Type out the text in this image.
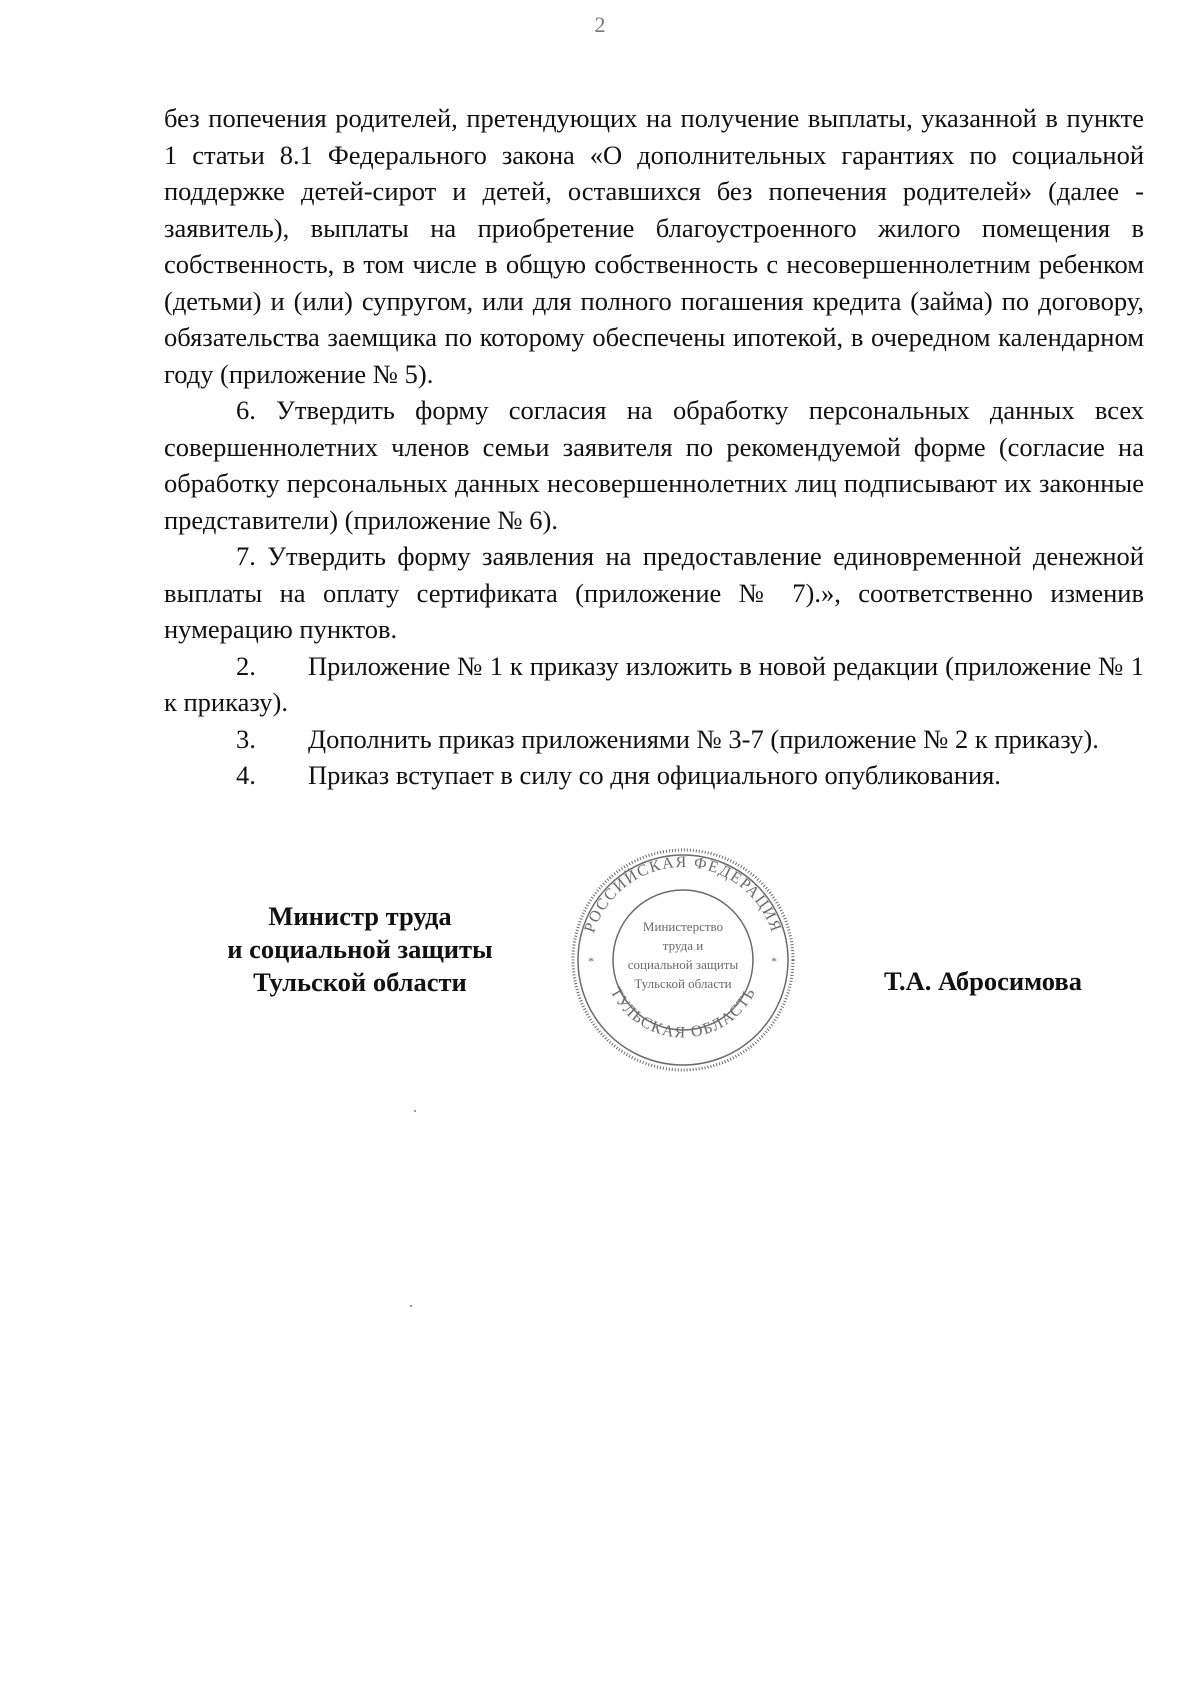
2

без попечения родителей, претендующих на получение выплаты, указанной в пункте 1 статьи 8.1 Федерального закона «О дополнительных гарантиях по социальной поддержке детей-сирот и детей, оставшихся без попечения родителей» (далее - заявитель), выплаты на приобретение благоустроенного жилого помещения в собственность, в том числе в общую собственность с несовершеннолетним ребенком (детьми) и (или) супругом, или для полного погашения кредита (займа) по договору, обязательства заемщика по которому обеспечены ипотекой, в очередном календарном году (приложение № 5).

6. Утвердить форму согласия на обработку персональных данных всех совершеннолетних членов семьи заявителя по рекомендуемой форме (согласие на обработку персональных данных несовершеннолетних лиц подписывают их законные представители) (приложение № 6).

7. Утвердить форму заявления на предоставление единовременной денежной выплаты на оплату сертификата (приложение № 7).», соответственно изменив нумерацию пунктов.

2. Приложение № 1 к приказу изложить в новой редакции (приложение № 1 к приказу).

3. Дополнить приказ приложениями № 3-7 (приложение № 2 к приказу).

4. Приказ вступает в силу со дня официального опубликования.

Министр труда
и социальной защиты
Тульской области
РОССИЙСКАЯ ФЕДЕРАЦИЯ
ТУЛЬСКАЯ ОБЛАСТЬ
*	*
Министерство
труда и
социальной защиты
Тульской области	Т.А. Абросимова
